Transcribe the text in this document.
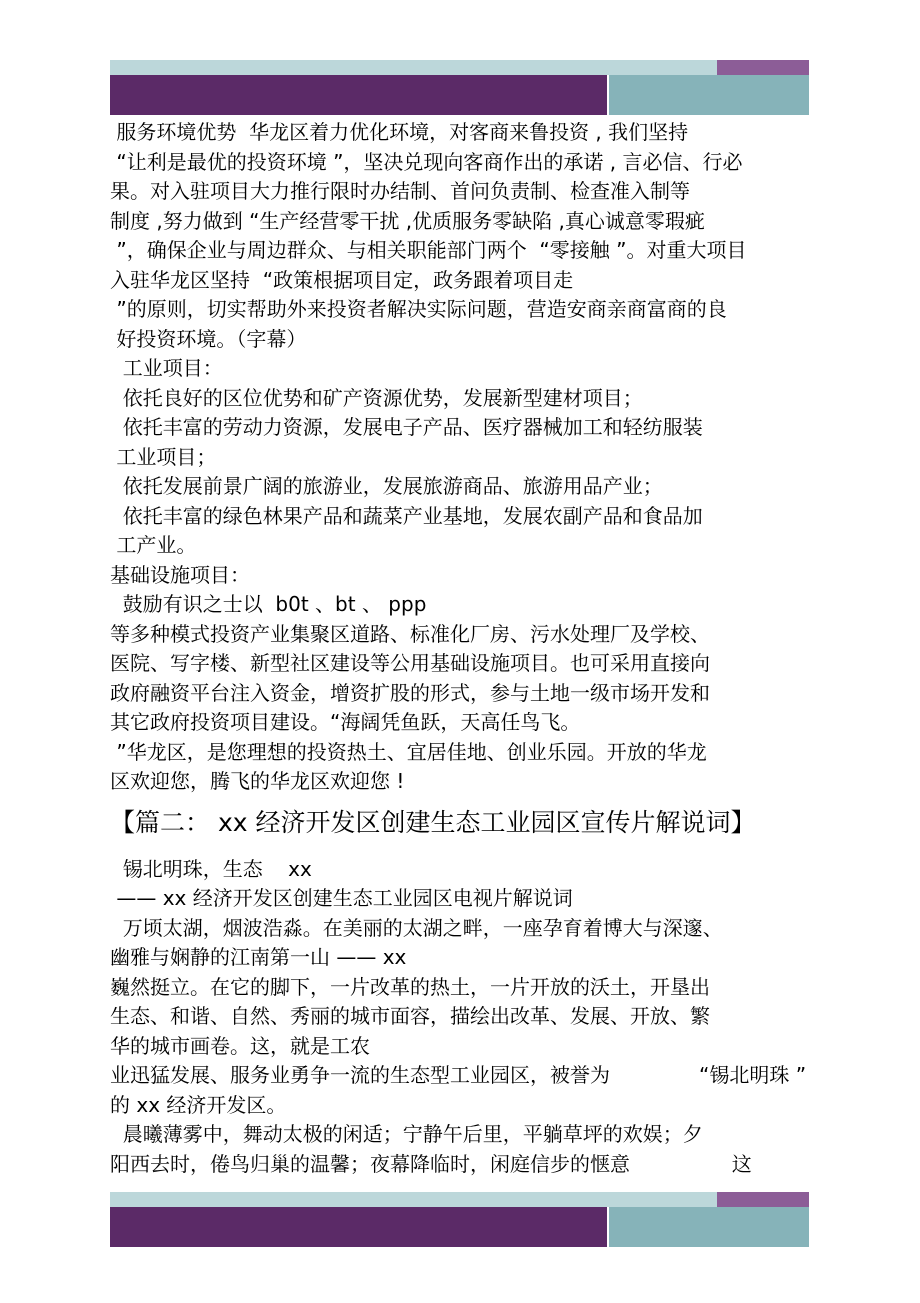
服务环境优势  华龙区着力优化环境，对客商来鲁投资 , 我们坚持
“让利是最优的投资环境 ”，坚决兑现向客商作出的承诺 , 言必信、行必
果。对入驻项目大力推行限时办结制、首问负责制、检查准入制等
制度 ,努力做到 “生产经营零干扰 ,优质服务零缺陷 ,真心诚意零瑕疵
”，确保企业与周边群众、与相关职能部门两个  “零接触 ”。对重大项目
入驻华龙区坚持  “政策根据项目定，政务跟着项目走
”的原则，切实帮助外来投资者解决实际问题，营造安商亲商富商的良
好投资环境。（字幕）
工业项目：
依托良好的区位优势和矿产资源优势，发展新型建材项目；
依托丰富的劳动力资源，发展电子产品、医疗器械加工和轻纺服装
工业项目；
依托发展前景广阔的旅游业，发展旅游商品、旅游用品产业；
依托丰富的绿色林果产品和蔬菜产业基地，发展农副产品和食品加
工产业。
基础设施项目：
鼓励有识之士以  b0t 、bt 、 ppp
等多种模式投资产业集聚区道路、标准化厂房、污水处理厂及学校、
医院、写字楼、新型社区建设等公用基础设施项目。也可采用直接向
政府融资平台注入资金，增资扩股的形式，参与土地一级市场开发和
其它政府投资项目建设。“海阔凭鱼跃，天高任鸟飞。
”华龙区，是您理想的投资热土、宜居佳地、创业乐园。开放的华龙
区欢迎您，腾飞的华龙区欢迎您 !
【篇二： xx 经济开发区创建生态工业园区宣传片解说词】
锡北明珠，生态    xx
—— xx 经济开发区创建生态工业园区电视片解说词
万顷太湖，烟波浩淼。在美丽的太湖之畔，一座孕育着博大与深邃、
幽雅与娴静的江南第一山 —— xx
巍然挺立。在它的脚下，一片改革的热土，一片开放的沃土，开垦出
生态、和谐、自然、秀丽的城市面容，描绘出改革、发展、开放、繁
华的城市画卷。这，就是工农
业迅猛发展、服务业勇争一流的生态型工业园区，被誉为              “锡北明珠 ”
的 xx 经济开发区。
晨曦薄雾中，舞动太极的闲适；宁静午后里，平躺草坪的欢娱；夕
阳西去时，倦鸟归巢的温馨；夜幕降临时，闲庭信步的惬意                这
